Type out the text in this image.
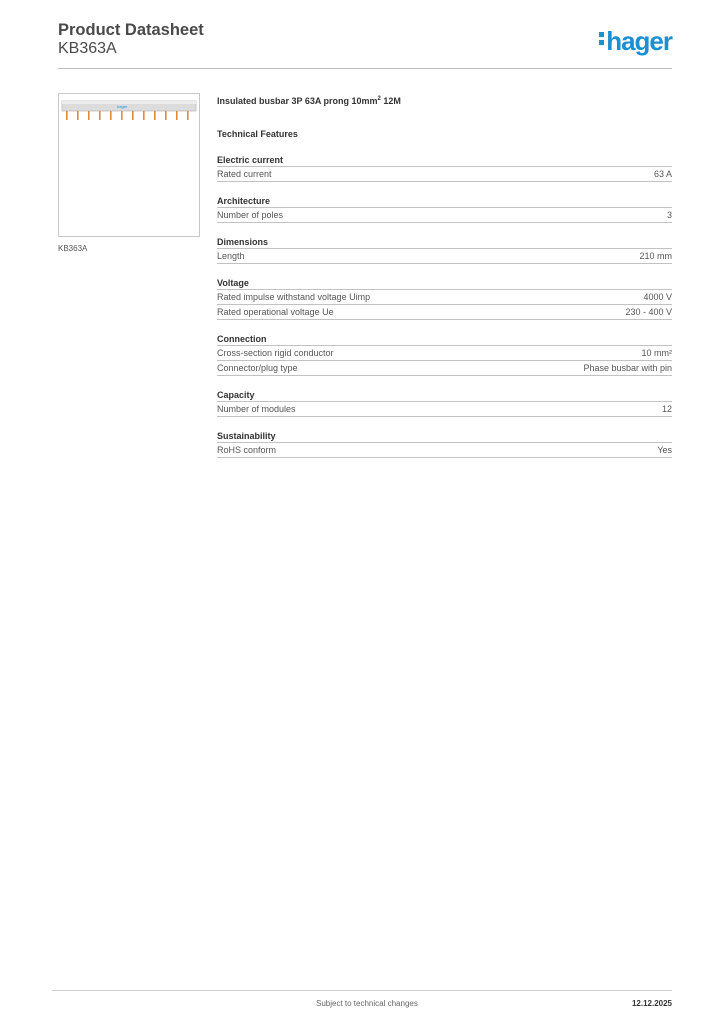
Product Datasheet
KB363A	hager
hager
KB363A
Insulated busbar 3P 63A prong $10mm^2$ 12M
Technical Features
Electric current
Rated current	63 A
Architecture
Number of poles	3
Dimensions
Length	210 mm
Voltage
Rated impulse withstand voltage Uimp	4000 V
Rated operational voltage Ue	230 - 400 V
Connection
Cross-section rigid conductor	10 mm²
Connector/plug type	Phase busbar with pin
Capacity
Number of modules	12
Sustainability
RoHS conform	Yes
Subject to technical changes	12.12.2025
